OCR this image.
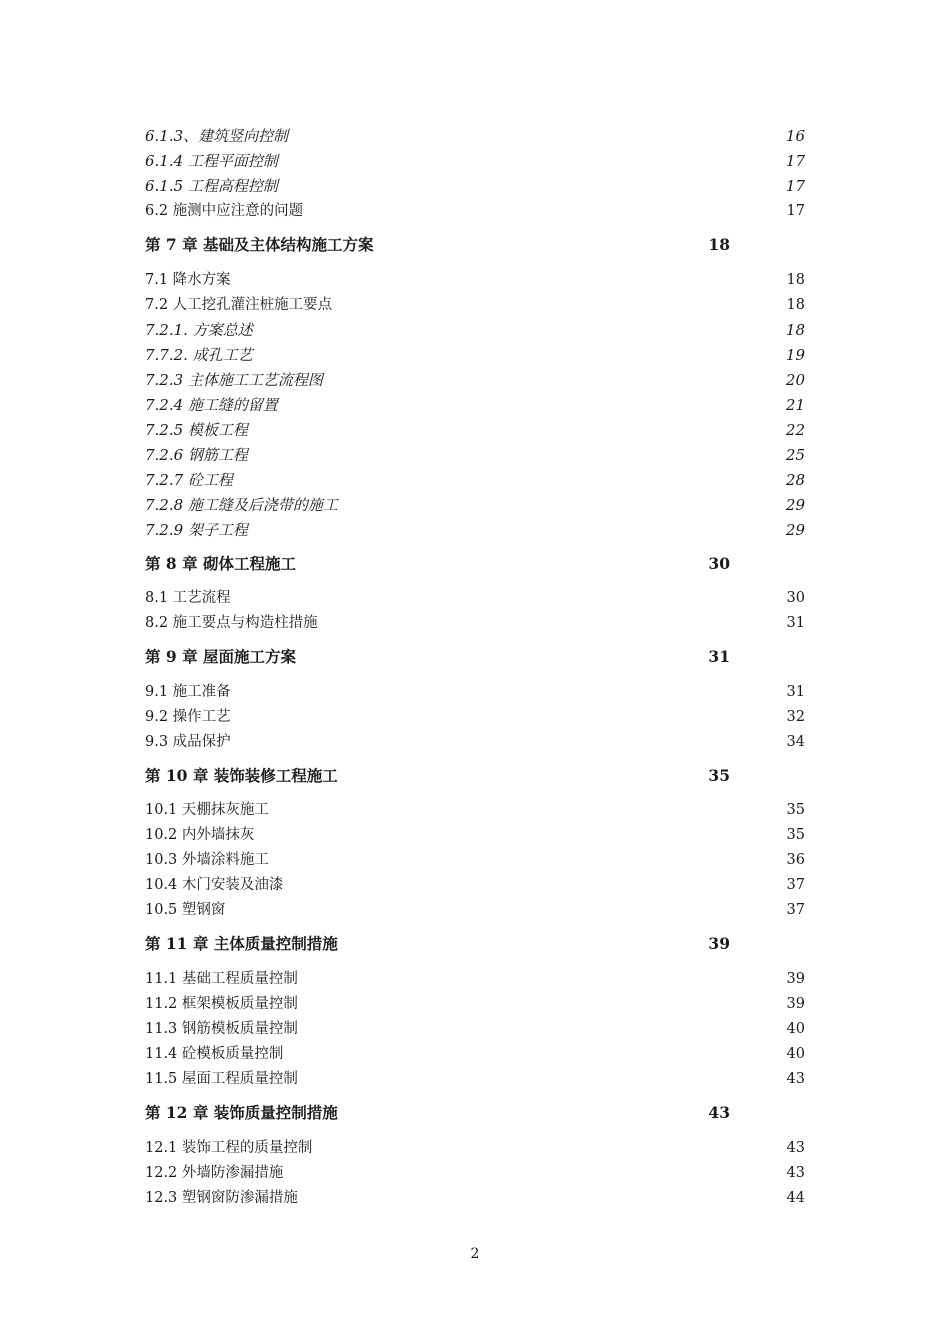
6.1.3、建筑竖向控制	16
6.1.4 工程平面控制	17
6.1.5 工程高程控制	17
6.2 施测中应注意的问题	17
第 7 章 基础及主体结构施工方案	18
7.1 降水方案	18
7.2 人工挖孔灌注桩施工要点	18
7.2.1. 方案总述	18
7.7.2. 成孔工艺	19
7.2.3 主体施工工艺流程图	20
7.2.4 施工缝的留置	21
7.2.5 模板工程	22
7.2.6 钢筋工程	25
7.2.7 砼工程	28
7.2.8 施工缝及后浇带的施工	29
7.2.9 架子工程	29
第 8 章 砌体工程施工	30
8.1 工艺流程	30
8.2 施工要点与构造柱措施	31
第 9 章 屋面施工方案	31
9.1 施工准备	31
9.2 操作工艺	32
9.3 成品保护	34
第 10 章 装饰装修工程施工	35
10.1 天棚抹灰施工	35
10.2 内外墙抹灰	35
10.3 外墙涂料施工	36
10.4 木门安装及油漆	37
10.5 塑钢窗	37
第 11 章 主体质量控制措施	39
11.1 基础工程质量控制	39
11.2 框架模板质量控制	39
11.3 钢筋模板质量控制	40
11.4 砼模板质量控制	40
11.5 屋面工程质量控制	43
第 12 章 装饰质量控制措施	43
12.1 装饰工程的质量控制	43
12.2 外墙防渗漏措施	43
12.3 塑钢窗防渗漏措施	44
2
